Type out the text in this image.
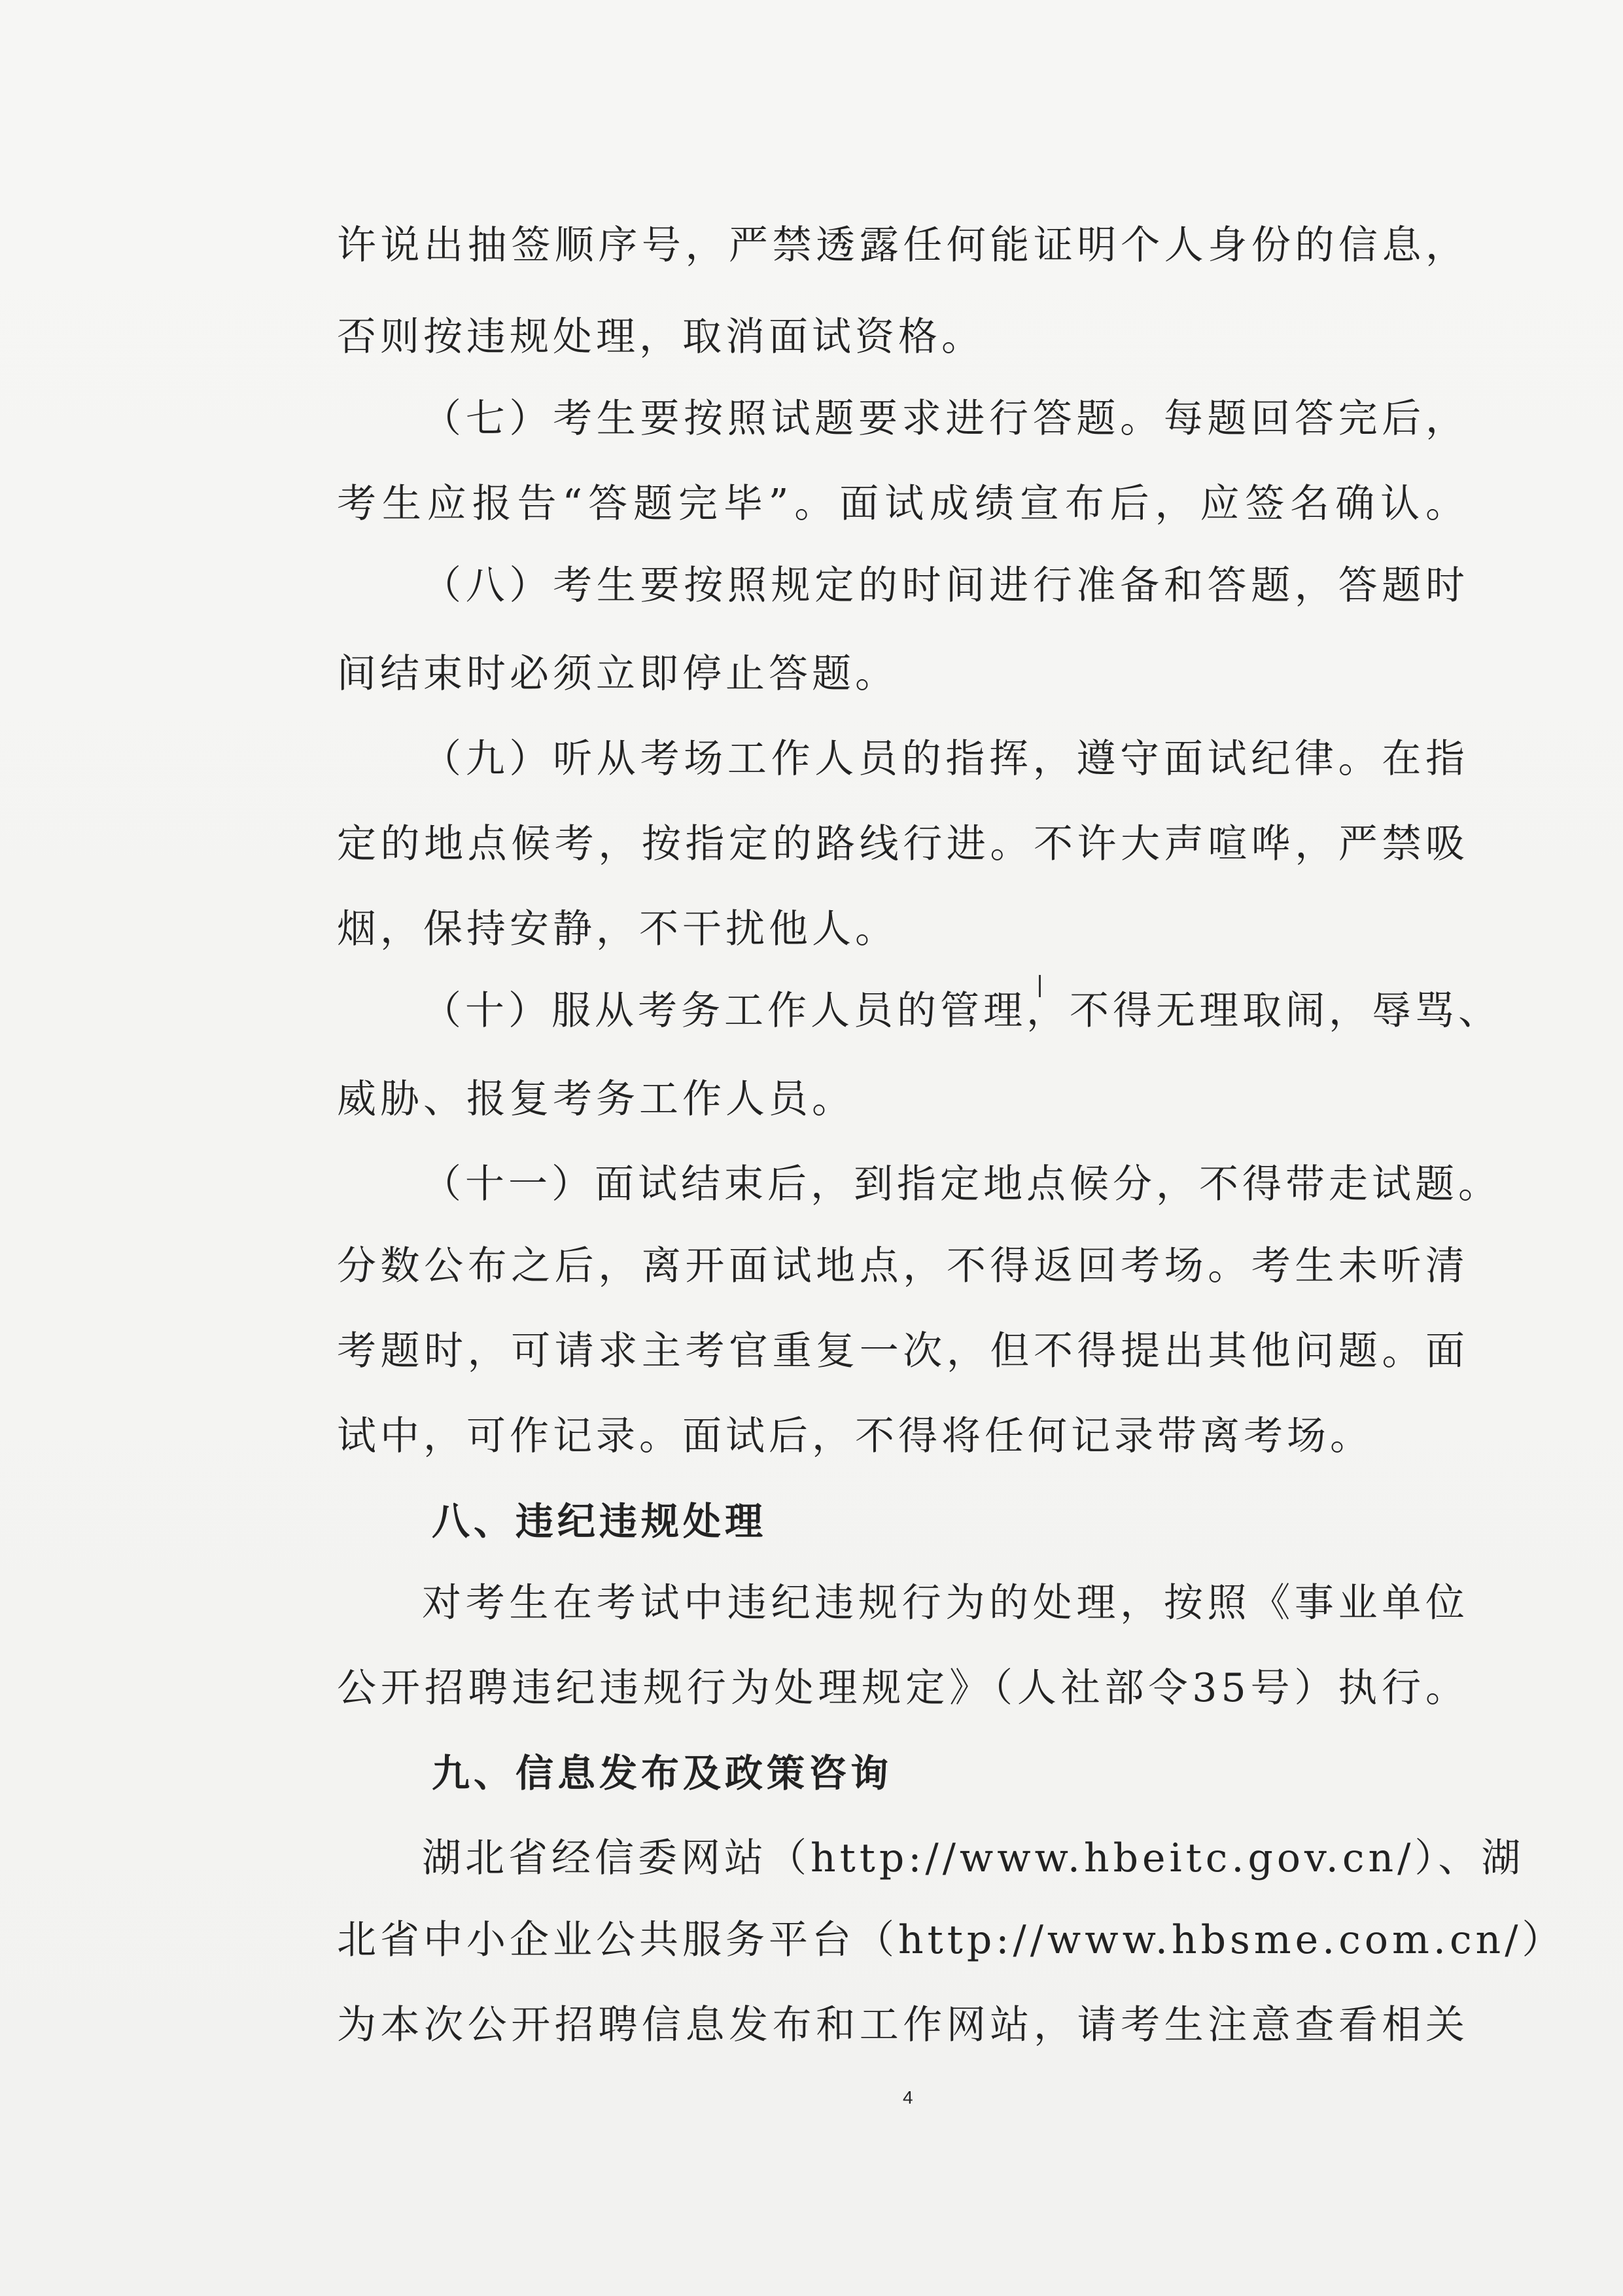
许说出抽签顺序号，严禁透露任何能证明个人身份的信息，
否则按违规处理，取消面试资格。
（七）考生要按照试题要求进行答题。每题回答完后，
考生应报告“答题完毕”。面试成绩宣布后，应签名确认。
（八）考生要按照规定的时间进行准备和答题，答题时
间结束时必须立即停止答题。
（九）听从考场工作人员的指挥，遵守面试纪律。在指
定的地点候考，按指定的路线行进。不许大声喧哗，严禁吸
烟，保持安静，不干扰他人。
（十）服从考务工作人员的管理，不得无理取闹，辱骂、
威胁、报复考务工作人员。
（十一）面试结束后，到指定地点候分，不得带走试题。
分数公布之后，离开面试地点，不得返回考场。考生未听清
考题时，可请求主考官重复一次，但不得提出其他问题。面
试中，可作记录。面试后，不得将任何记录带离考场。
八、违纪违规处理
对考生在考试中违纪违规行为的处理，按照《事业单位
公开招聘违纪违规行为处理规定》（人社部令35号）执行。
九、信息发布及政策咨询
湖北省经信委网站（http://www.hbeitc.gov.cn/）、湖
北省中小企业公共服务平台（http://www.hbsme.com.cn/）
为本次公开招聘信息发布和工作网站，请考生注意查看相关
4
